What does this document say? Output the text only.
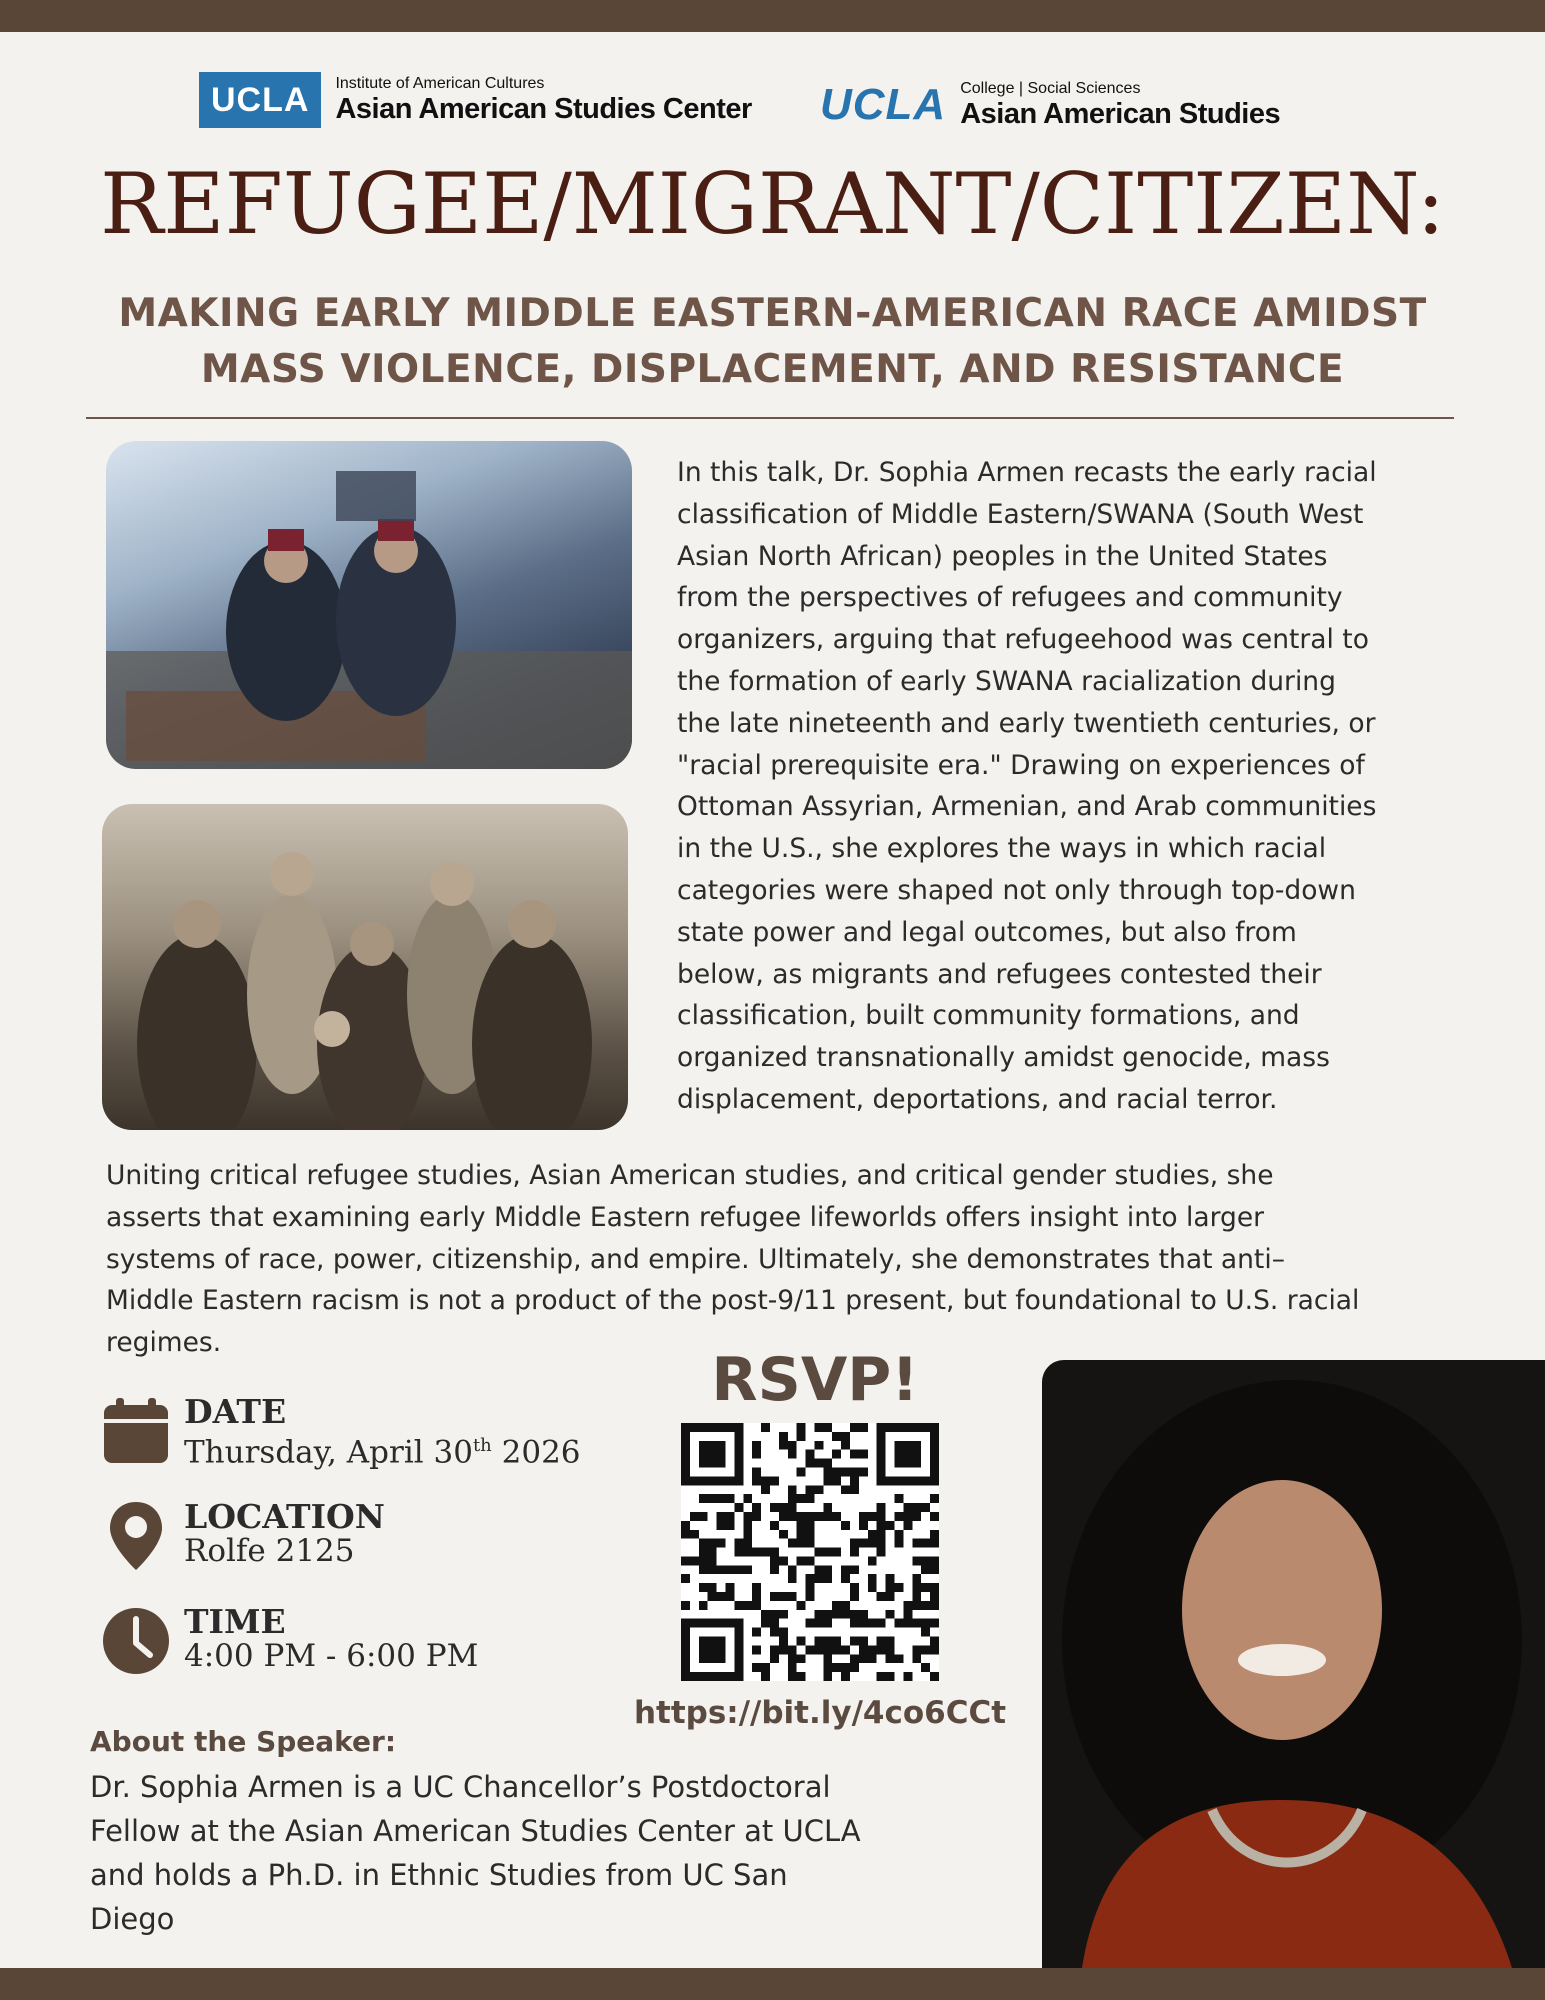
UCLA	Institute of American Cultures
Asian American Studies Center UCLA College | Social Sciences
Asian American Studies
REFUGEE/MIGRANT/CITIZEN:
MAKING EARLY MIDDLE EASTERN-AMERICAN RACE AMIDST
MASS VIOLENCE, DISPLACEMENT, AND RESISTANCE
In this talk, Dr. Sophia Armen recasts the early racial
classification of Middle Eastern/SWANA (South West
Asian North African) peoples in the United States
from the perspectives of refugees and community
organizers, arguing that refugeehood was central to
the formation of early SWANA racialization during
the late nineteenth and early twentieth centuries, or
"racial prerequisite era." Drawing on experiences of
Ottoman Assyrian, Armenian, and Arab communities
in the U.S., she explores the ways in which racial
categories were shaped not only through top-down
state power and legal outcomes, but also from
below, as migrants and refugees contested their
classification, built community formations, and
organized transnationally amidst genocide, mass
displacement, deportations, and racial terror.
Uniting critical refugee studies, Asian American studies, and critical gender studies, she
asserts that examining early Middle Eastern refugee lifeworlds offers insight into larger
systems of race, power, citizenship, and empire. Ultimately, she demonstrates that anti–
Middle Eastern racism is not a product of the post-9/11 present, but foundational to U.S. racial
regimes.
DATE
Thursday, April 30th 2026
LOCATION
Rolfe 2125
TIME
4:00 PM - 6:00 PM
RSVP!
https://bit.ly/4co6CCt
About the Speaker:
Dr. Sophia Armen is a UC Chancellor’s Postdoctoral
Fellow at the Asian American Studies Center at UCLA
and holds a Ph.D. in Ethnic Studies from UC San
Diego
